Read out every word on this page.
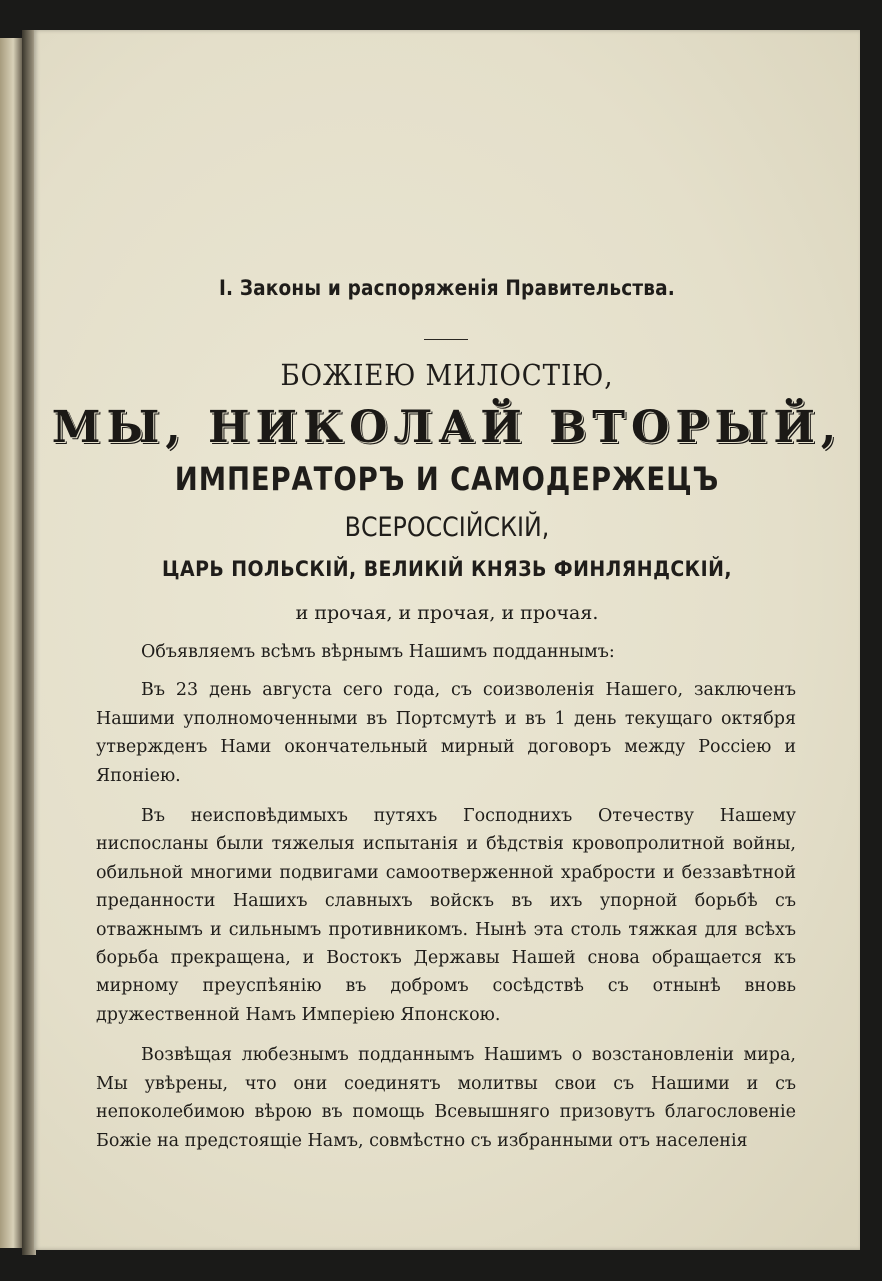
I. Законы и распоряженія Правительства.
БОЖІЕЮ МИЛОСТІЮ,
МЫ, НИКОЛАЙ ВТОРЫЙ,
ИМПЕРАТОРЪ И САМОДЕРЖЕЦЪ
ВСЕРОССІЙСКІЙ,
ЦАРЬ ПОЛЬСКІЙ, ВЕЛИКІЙ КНЯЗЬ ФИНЛЯНДСКІЙ,
и прочая, и прочая, и прочая.

Объявляемъ всѣмъ вѣрнымъ Нашимъ подданнымъ:

Въ 23 день августа сего года, съ соизволенія Нашего, заключенъ Нашими уполномоченными въ Портсмутѣ и въ 1 день текущаго октября утвержденъ Нами окончательный мирный договоръ между Россіею и Японіею.

Въ неисповѣдимыхъ путяхъ Господнихъ Отечеству Нашему ниспосланы были тяжелыя испытанія и бѣдствія кровопролитной войны, обильной многими подвигами самоотверженной храбрости и беззавѣтной преданности Нашихъ славныхъ войскъ въ ихъ упорной борьбѣ съ отважнымъ и сильнымъ противникомъ. Нынѣ эта столь тяжкая для всѣхъ борьба прекращена, и Востокъ Державы Нашей снова обращается къ мирному преуспѣянію въ добромъ сосѣдствѣ съ отнынѣ вновь дружественной Намъ Имперіею Японскою.

Возвѣщая любезнымъ подданнымъ Нашимъ о возстановленіи мира, Мы увѣрены, что они соединятъ молитвы свои съ Нашими и съ непоколебимою вѣрою въ помощь Всевышняго призовутъ благословеніе Божіе на предстоящіе Намъ, совмѣстно съ избранными отъ населенія
